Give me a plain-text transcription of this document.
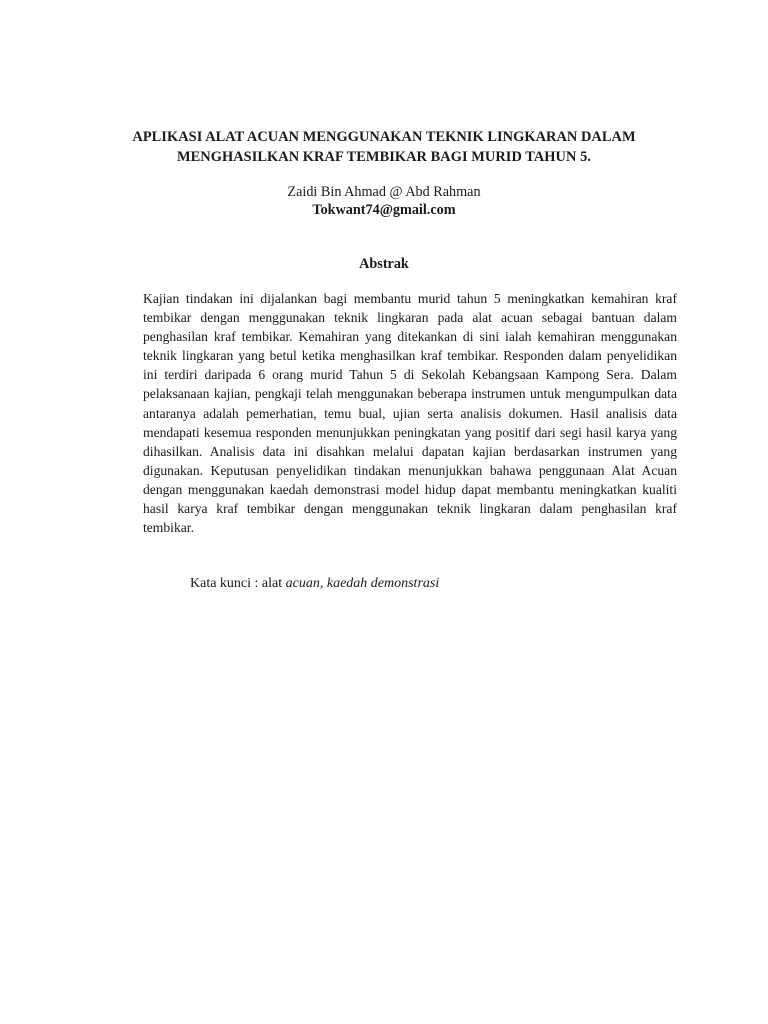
APLIKASI ALAT ACUAN MENGGUNAKAN TEKNIK LINGKARAN DALAM MENGHASILKAN KRAF TEMBIKAR BAGI MURID TAHUN 5.
Zaidi Bin Ahmad @ Abd Rahman
Tokwant74@gmail.com
Abstrak

Kajian tindakan ini dijalankan bagi membantu murid tahun 5 meningkatkan kemahiran kraf tembikar dengan menggunakan teknik lingkaran pada alat acuan sebagai bantuan dalam penghasilan kraf tembikar. Kemahiran yang ditekankan di sini ialah kemahiran menggunakan teknik lingkaran yang betul ketika menghasilkan kraf tembikar. Responden dalam penyelidikan ini terdiri daripada 6 orang murid Tahun 5 di Sekolah Kebangsaan Kampong Sera. Dalam pelaksanaan kajian, pengkaji telah menggunakan beberapa instrumen untuk mengumpulkan data antaranya adalah pemerhatian, temu bual, ujian serta analisis dokumen. Hasil analisis data mendapati kesemua responden menunjukkan peningkatan yang positif dari segi hasil karya yang dihasilkan. Analisis data ini disahkan melalui dapatan kajian berdasarkan instrumen yang digunakan. Keputusan penyelidikan tindakan menunjukkan bahawa penggunaan Alat Acuan dengan menggunakan kaedah demonstrasi model hidup dapat membantu meningkatkan kualiti hasil karya kraf tembikar dengan menggunakan teknik lingkaran dalam penghasilan kraf tembikar.

Kata kunci : alat acuan, kaedah demonstrasi
